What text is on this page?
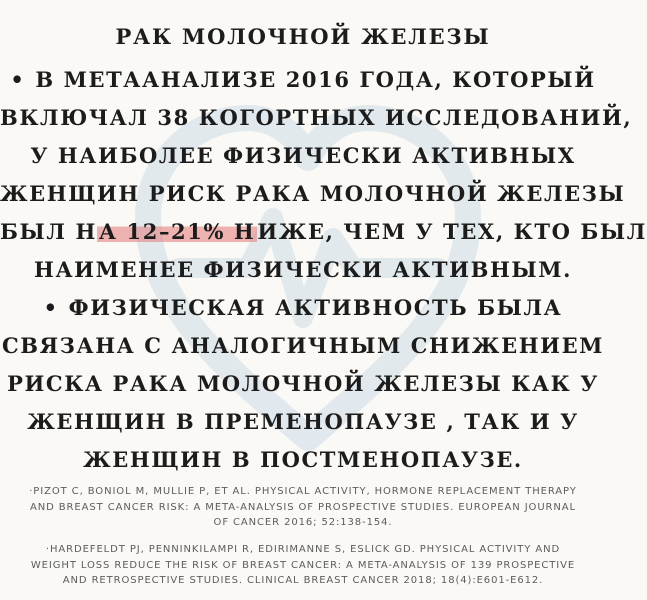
РАК МОЛОЧНОЙ ЖЕЛЕЗЫ
• В МЕТААНАЛИЗЕ 2016 ГОДА, КОТОРЫЙ
ВКЛЮЧАЛ 38 КОГОРТНЫХ ИССЛЕДОВАНИЙ,
У НАИБОЛЕЕ ФИЗИЧЕСКИ АКТИВНЫХ
ЖЕНЩИН РИСК РАКА МОЛОЧНОЙ ЖЕЛЕЗЫ
БЫЛ НА 12–21% НИЖЕ, ЧЕМ У ТЕХ, КТО БЫЛ
НАИМЕНЕЕ ФИЗИЧЕСКИ АКТИВНЫМ.
• ФИЗИЧЕСКАЯ АКТИВНОСТЬ БЫЛА
СВЯЗАНА С АНАЛОГИЧНЫМ СНИЖЕНИЕМ
РИСКА РАКА МОЛОЧНОЙ ЖЕЛЕЗЫ КАК У
ЖЕНЩИН В ПРЕМЕНОПАУЗЕ , ТАК И У
ЖЕНЩИН В ПОСТМЕНОПАУЗЕ.
·PIZOT C, BONIOL M, MULLIE P, ET AL. PHYSICAL ACTIVITY, HORMONE REPLACEMENT THERAPY
AND BREAST CANCER RISK: A META-ANALYSIS OF PROSPECTIVE STUDIES. EUROPEAN JOURNAL
OF CANCER 2016; 52:138-154.
·HARDEFELDT PJ, PENNINKILAMPI R, EDIRIMANNE S, ESLICK GD. PHYSICAL ACTIVITY AND
WEIGHT LOSS REDUCE THE RISK OF BREAST CANCER: A META-ANALYSIS OF 139 PROSPECTIVE
AND RETROSPECTIVE STUDIES. CLINICAL BREAST CANCER 2018; 18(4):E601-E612.
